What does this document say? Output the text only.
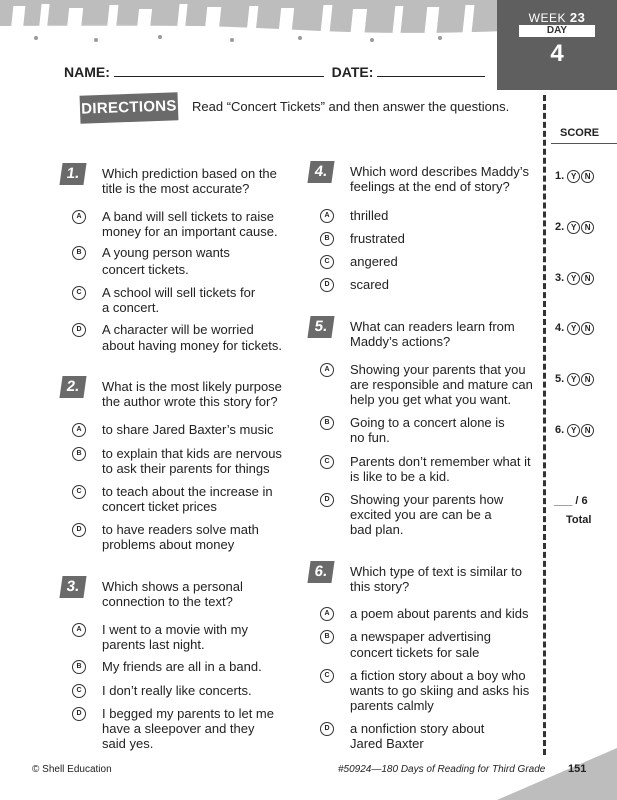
WEEK 23
DAY
4
NAME:	DATE:
DIRECTIONS Read “Concert Tickets” and then answer the questions.
SCORE
1. Y N
2. Y N
3. Y N
4. Y N
5. Y N
6. Y N
___ / 6
Total
1.	Which prediction based on the
title is the most accurate?
A	A band will sell tickets to raise
money for an important cause.
B	A young person wants
concert tickets.
C	A school will sell tickets for
a concert.
D	A character will be worried
about having money for tickets.
2.	What is the most likely purpose
the author wrote this story for?
A	to share Jared Baxter’s music
B	to explain that kids are nervous
to ask their parents for things
C	to teach about the increase in
concert ticket prices
D	to have readers solve math
problems about money
3.	Which shows a personal
connection to the text?
A	I went to a movie with my
parents last night.
B	My friends are all in a band.
C	I don’t really like concerts.
D	I begged my parents to let me
have a sleepover and they
said yes.
4.	Which word describes Maddy’s
feelings at the end of story?
A	thrilled
B	frustrated
C	angered
D	scared
5.	What can readers learn from
Maddy’s actions?
A	Showing your parents that you
are responsible and mature can
help you get what you want.
B	Going to a concert alone is
no fun.
C	Parents don’t remember what it
is like to be a kid.
D	Showing your parents how
excited you are can be a
bad plan.
6.	Which type of text is similar to
this story?
A	a poem about parents and kids
B	a newspaper advertising
concert tickets for sale
C	a fiction story about a boy who
wants to go skiing and asks his
parents calmly
D	a nonfiction story about
Jared Baxter
© Shell Education	#50924—180 Days of Reading for Third Grade 151
